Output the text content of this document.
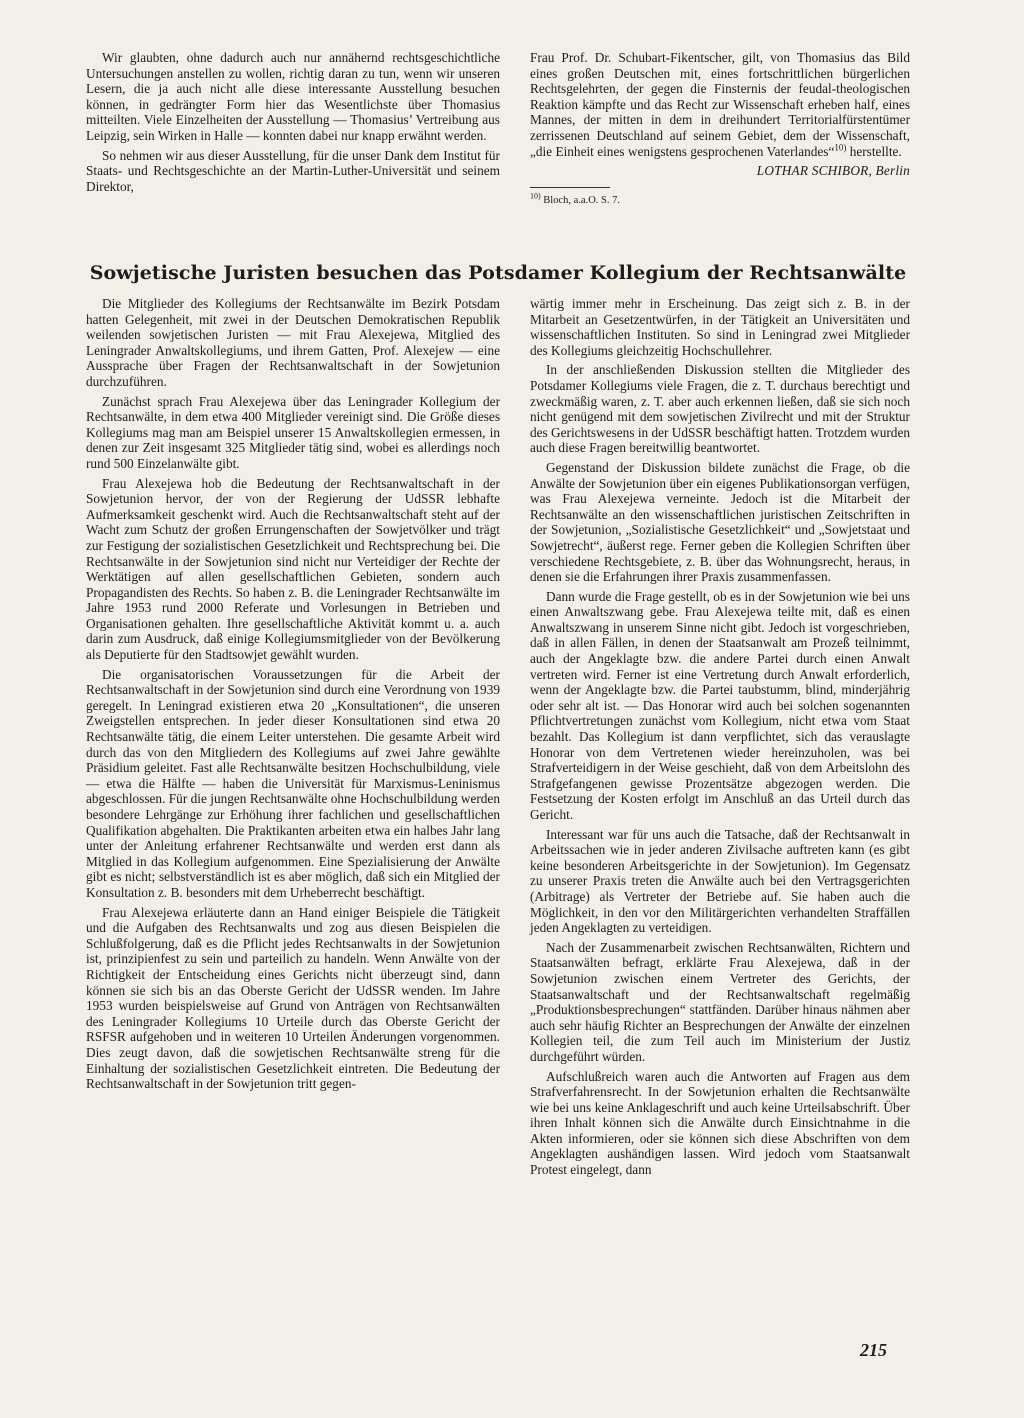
Wir glaubten, ohne dadurch auch nur annähernd rechtsgeschichtliche Untersuchungen anstellen zu wollen, richtig daran zu tun, wenn wir unseren Lesern, die ja auch nicht alle diese interessante Ausstellung besuchen können, in gedrängter Form hier das Wesentlichste über Thomasius mitteilten. Viele Einzelheiten der Ausstellung — Thomasius’ Vertreibung aus Leipzig, sein Wirken in Halle — konnten dabei nur knapp erwähnt werden.

So nehmen wir aus dieser Ausstellung, für die unser Dank dem Institut für Staats- und Rechtsgeschichte an der Martin-Luther-Universität und seinem Direktor,

Frau Prof. Dr. Schubart-Fikentscher, gilt, von Thomasius das Bild eines großen Deutschen mit, eines fortschrittlichen bürgerlichen Rechtsgelehrten, der gegen die Finsternis der feudal-theologischen Reaktion kämpfte und das Recht zur Wissenschaft erheben half, eines Mannes, der mitten in dem in dreihundert Territorialfürstentümer zerrissenen Deutschland auf seinem Gebiet, dem der Wissenschaft, „die Einheit eines wenigstens gesprochenen Vaterlandes“$^{10)}$ herstellte.

LOTHAR SCHIBOR, Berlin

$^{10)}$ Bloch, a.a.O. S. 7.

Sowjetische Juristen besuchen das Potsdamer Kollegium der Rechtsanwälte

Die Mitglieder des Kollegiums der Rechtsanwälte im Bezirk Potsdam hatten Gelegenheit, mit zwei in der Deutschen Demokratischen Republik weilenden sowjetischen Juristen — mit Frau Alexejewa, Mitglied des Leningrader Anwaltskollegiums, und ihrem Gatten, Prof. Alexejew — eine Aussprache über Fragen der Rechtsanwaltschaft in der Sowjetunion durchzuführen.

Zunächst sprach Frau Alexejewa über das Leningrader Kollegium der Rechtsanwälte, in dem etwa 400 Mitglieder vereinigt sind. Die Größe dieses Kollegiums mag man am Beispiel unserer 15 Anwaltskollegien ermessen, in denen zur Zeit insgesamt 325 Mitglieder tätig sind, wobei es allerdings noch rund 500 Einzelanwälte gibt.

Frau Alexejewa hob die Bedeutung der Rechtsanwaltschaft in der Sowjetunion hervor, der von der Regierung der UdSSR lebhafte Aufmerksamkeit geschenkt wird. Auch die Rechtsanwaltschaft steht auf der Wacht zum Schutz der großen Errungenschaften der Sowjetvölker und trägt zur Festigung der sozialistischen Gesetzlichkeit und Rechtsprechung bei. Die Rechtsanwälte in der Sowjetunion sind nicht nur Verteidiger der Rechte der Werktätigen auf allen gesellschaftlichen Gebieten, sondern auch Propagandisten des Rechts. So haben z. B. die Leningrader Rechtsanwälte im Jahre 1953 rund 2000 Referate und Vorlesungen in Betrieben und Organisationen gehalten. Ihre gesellschaftliche Aktivität kommt u. a. auch darin zum Ausdruck, daß einige Kollegiumsmitglieder von der Bevölkerung als Deputierte für den Stadtsowjet gewählt wurden.

Die organisatorischen Voraussetzungen für die Arbeit der Rechtsanwaltschaft in der Sowjetunion sind durch eine Verordnung von 1939 geregelt. In Leningrad existieren etwa 20 „Konsultationen“, die unseren Zweigstellen entsprechen. In jeder dieser Konsultationen sind etwa 20 Rechtsanwälte tätig, die einem Leiter unterstehen. Die gesamte Arbeit wird durch das von den Mitgliedern des Kollegiums auf zwei Jahre gewählte Präsidium geleitet. Fast alle Rechtsanwälte besitzen Hochschulbildung, viele — etwa die Hälfte — haben die Universität für Marxismus-Leninismus abgeschlossen. Für die jungen Rechtsanwälte ohne Hochschulbildung werden besondere Lehrgänge zur Erhöhung ihrer fachlichen und gesellschaftlichen Qualifikation abgehalten. Die Praktikanten arbeiten etwa ein halbes Jahr lang unter der Anleitung erfahrener Rechtsanwälte und werden erst dann als Mitglied in das Kollegium aufgenommen. Eine Spezialisierung der Anwälte gibt es nicht; selbstverständlich ist es aber möglich, daß sich ein Mitglied der Konsultation z. B. besonders mit dem Urheberrecht beschäftigt.

Frau Alexejewa erläuterte dann an Hand einiger Beispiele die Tätigkeit und die Aufgaben des Rechtsanwalts und zog aus diesen Beispielen die Schlußfolgerung, daß es die Pflicht jedes Rechtsanwalts in der Sowjetunion ist, prinzipienfest zu sein und parteilich zu handeln. Wenn Anwälte von der Richtigkeit der Entscheidung eines Gerichts nicht überzeugt sind, dann können sie sich bis an das Oberste Gericht der UdSSR wenden. Im Jahre 1953 wurden beispielsweise auf Grund von Anträgen von Rechtsanwälten des Leningrader Kollegiums 10 Urteile durch das Oberste Gericht der RSFSR aufgehoben und in weiteren 10 Urteilen Änderungen vorgenommen. Dies zeugt davon, daß die sowjetischen Rechtsanwälte streng für die Einhaltung der sozialistischen Gesetzlichkeit eintreten. Die Bedeutung der Rechtsanwaltschaft in der Sowjetunion tritt gegen-

wärtig immer mehr in Erscheinung. Das zeigt sich z. B. in der Mitarbeit an Gesetzentwürfen, in der Tätigkeit an Universitäten und wissenschaftlichen Instituten. So sind in Leningrad zwei Mitglieder des Kollegiums gleichzeitig Hochschullehrer.

In der anschließenden Diskussion stellten die Mitglieder des Potsdamer Kollegiums viele Fragen, die z. T. durchaus berechtigt und zweckmäßig waren, z. T. aber auch erkennen ließen, daß sie sich noch nicht genügend mit dem sowjetischen Zivilrecht und mit der Struktur des Gerichtswesens in der UdSSR beschäftigt hatten. Trotzdem wurden auch diese Fragen bereitwillig beantwortet.

Gegenstand der Diskussion bildete zunächst die Frage, ob die Anwälte der Sowjetunion über ein eigenes Publikationsorgan verfügen, was Frau Alexejewa verneinte. Jedoch ist die Mitarbeit der Rechtsanwälte an den wissenschaftlichen juristischen Zeitschriften in der Sowjetunion, „Sozialistische Gesetzlichkeit“ und „Sowjetstaat und Sowjetrecht“, äußerst rege. Ferner geben die Kollegien Schriften über verschiedene Rechtsgebiete, z. B. über das Wohnungsrecht, heraus, in denen sie die Erfahrungen ihrer Praxis zusammenfassen.

Dann wurde die Frage gestellt, ob es in der Sowjetunion wie bei uns einen Anwaltszwang gebe. Frau Alexejewa teilte mit, daß es einen Anwaltszwang in unserem Sinne nicht gibt. Jedoch ist vorgeschrieben, daß in allen Fällen, in denen der Staatsanwalt am Prozeß teilnimmt, auch der Angeklagte bzw. die andere Partei durch einen Anwalt vertreten wird. Ferner ist eine Vertretung durch Anwalt erforderlich, wenn der Angeklagte bzw. die Partei taubstumm, blind, minderjährig oder sehr alt ist. — Das Honorar wird auch bei solchen sogenannten Pflichtvertretungen zunächst vom Kollegium, nicht etwa vom Staat bezahlt. Das Kollegium ist dann verpflichtet, sich das verauslagte Honorar von dem Vertretenen wieder hereinzuholen, was bei Strafverteidigern in der Weise geschieht, daß von dem Arbeitslohn des Strafgefangenen gewisse Prozentsätze abgezogen werden. Die Festsetzung der Kosten erfolgt im Anschluß an das Urteil durch das Gericht.

Interessant war für uns auch die Tatsache, daß der Rechtsanwalt in Arbeitssachen wie in jeder anderen Zivilsache auftreten kann (es gibt keine besonderen Arbeitsgerichte in der Sowjetunion). Im Gegensatz zu unserer Praxis treten die Anwälte auch bei den Vertragsgerichten (Arbitrage) als Vertreter der Betriebe auf. Sie haben auch die Möglichkeit, in den vor den Militärgerichten verhandelten Straffällen jeden Angeklagten zu verteidigen.

Nach der Zusammenarbeit zwischen Rechtsanwälten, Richtern und Staatsanwälten befragt, erklärte Frau Alexejewa, daß in der Sowjetunion zwischen einem Vertreter des Gerichts, der Staatsanwaltschaft und der Rechtsanwaltschaft regelmäßig „Produktionsbesprechungen“ stattfänden. Darüber hinaus nähmen aber auch sehr häufig Richter an Besprechungen der Anwälte der einzelnen Kollegien teil, die zum Teil auch im Ministerium der Justiz durchgeführt würden.

Aufschlußreich waren auch die Antworten auf Fragen aus dem Strafverfahrensrecht. In der Sowjetunion erhalten die Rechtsanwälte wie bei uns keine Anklageschrift und auch keine Urteilsabschrift. Über ihren Inhalt können sich die Anwälte durch Einsichtnahme in die Akten informieren, oder sie können sich diese Abschriften von dem Angeklagten aushändigen lassen. Wird jedoch vom Staatsanwalt Protest eingelegt, dann

215
